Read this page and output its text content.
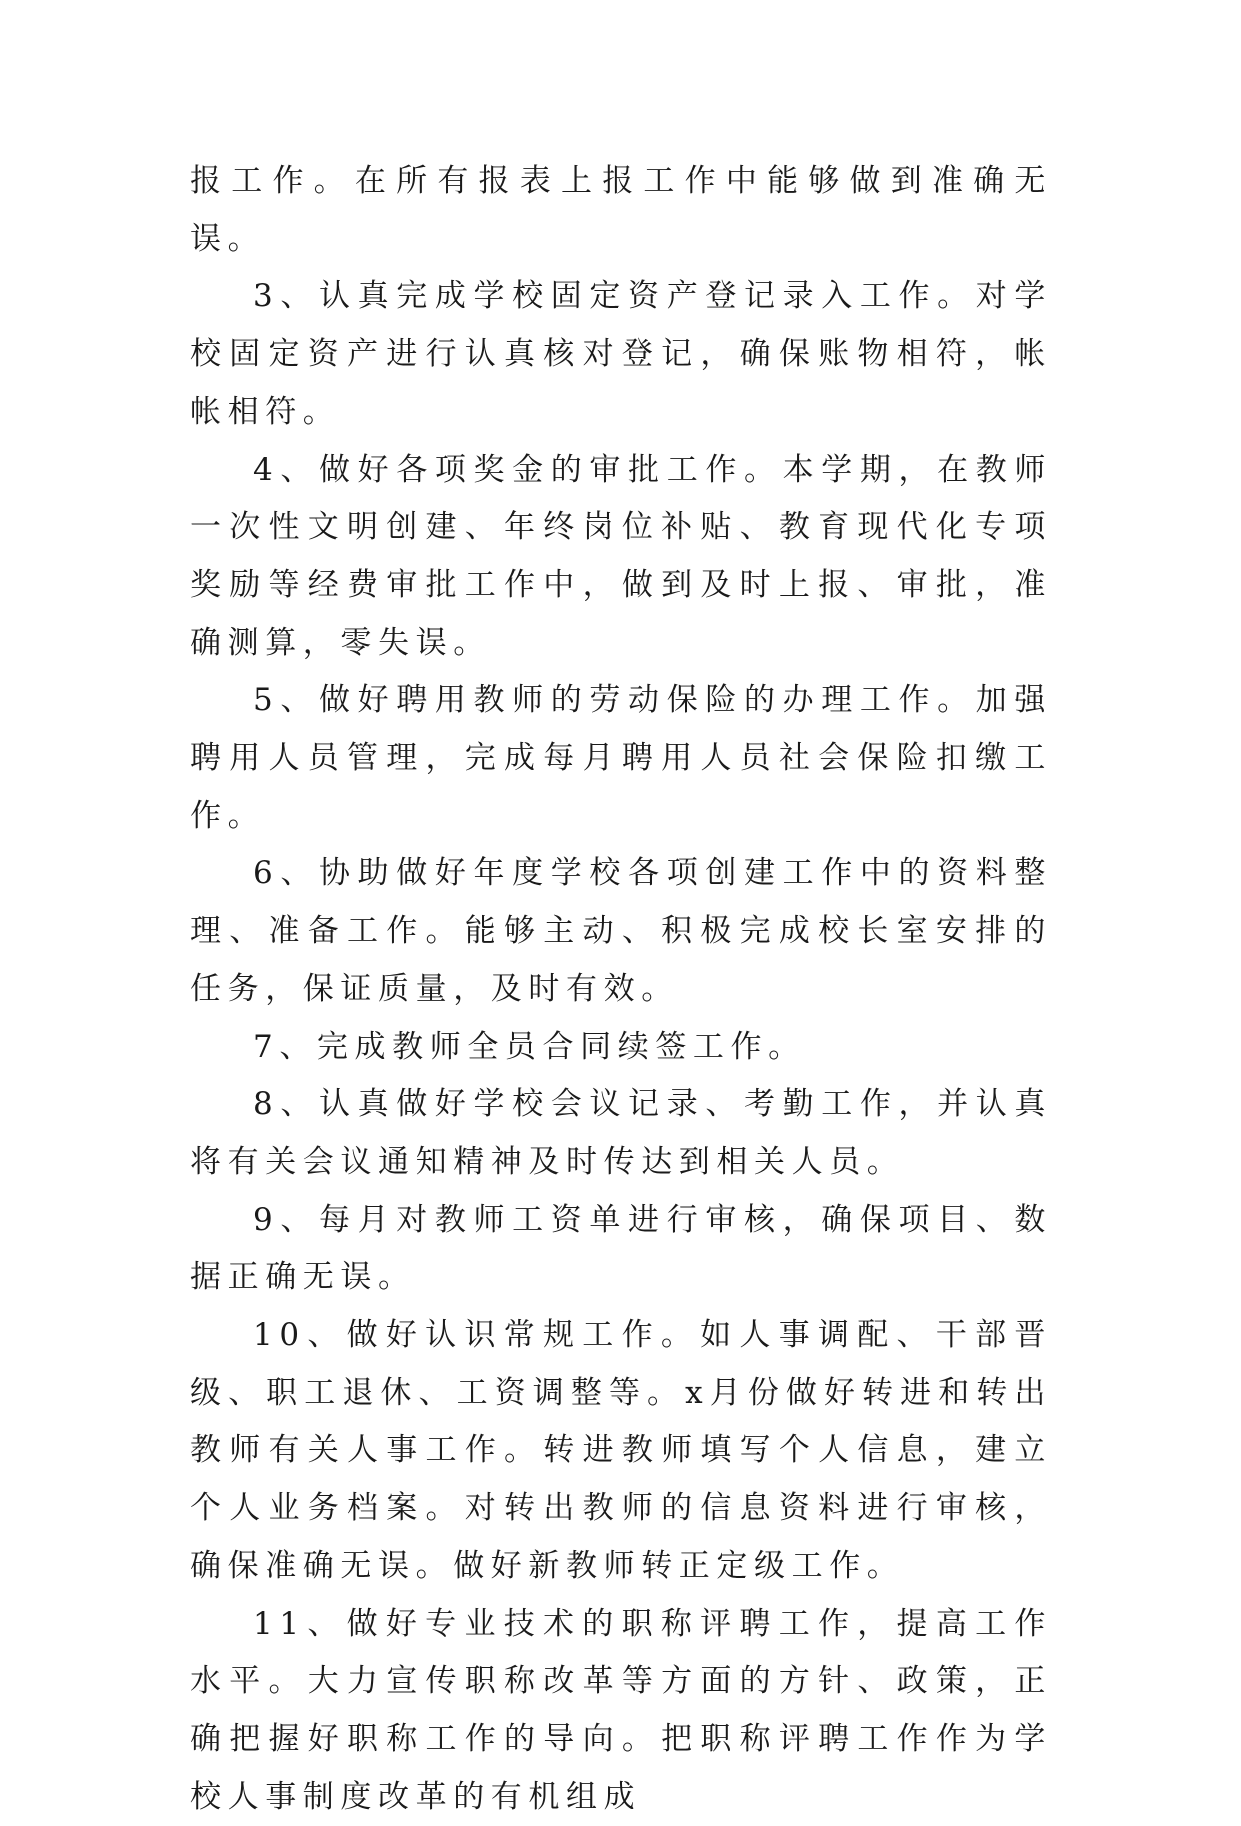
报工作。在所有报表上报工作中能够做到准确无误。

3、认真完成学校固定资产登记录入工作。对学校固定资产进行认真核对登记，确保账物相符，帐帐相符。

4、做好各项奖金的审批工作。本学期，在教师一次性文明创建、年终岗位补贴、教育现代化专项奖励等经费审批工作中，做到及时上报、审批，准确测算，零失误。

5、做好聘用教师的劳动保险的办理工作。加强聘用人员管理，完成每月聘用人员社会保险扣缴工作。

6、协助做好年度学校各项创建工作中的资料整理、准备工作。能够主动、积极完成校长室安排的任务，保证质量，及时有效。

7、完成教师全员合同续签工作。

8、认真做好学校会议记录、考勤工作，并认真将有关会议通知精神及时传达到相关人员。

9、每月对教师工资单进行审核，确保项目、数据正确无误。

10、做好认识常规工作。如人事调配、干部晋级、职工退休、工资调整等。x月份做好转进和转出教师有关人事工作。转进教师填写个人信息，建立个人业务档案。对转出教师的信息资料进行审核，确保准确无误。做好新教师转正定级工作。

11、做好专业技术的职称评聘工作，提高工作水平。大力宣传职称改革等方面的方针、政策，正确把握好职称工作的导向。把职称评聘工作作为学校人事制度改革的有机组成
